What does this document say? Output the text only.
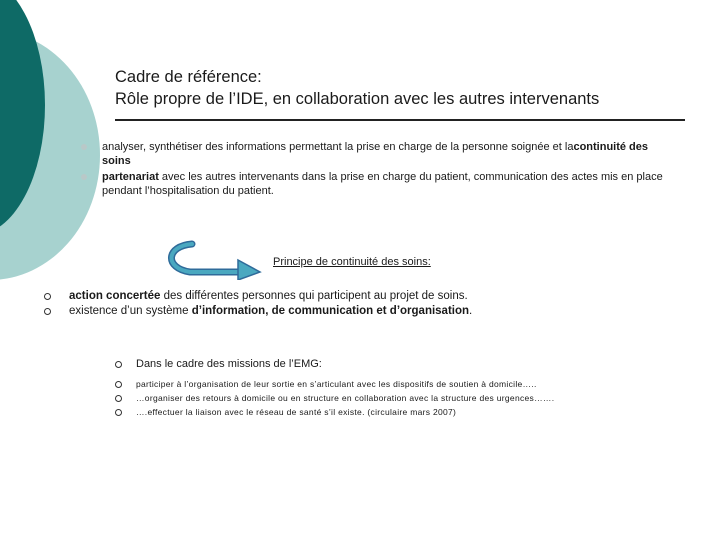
Cadre de référence:
Rôle propre de l’IDE, en collaboration avec les autres intervenants
analyser, synthétiser des informations permettant la prise en charge de la personne soignée et lacontinuité des soins
partenariat avec les autres intervenants dans la prise en charge du patient, communication des actes mis en place pendant l’hospitalisation du patient.
Principe de continuité des soins:
action concertée des différentes personnes qui participent au projet de soins.
existence d’un système d’information, de communication et d’organisation.
Dans le cadre des missions de l’EMG:
participer à l’organisation de leur sortie en s’articulant avec les dispositifs de soutien à domicile…..
…organiser des retours à domicile ou en structure en collaboration avec la structure des urgences…….
….effectuer la liaison avec le réseau de santé s’il existe. (circulaire mars 2007)
